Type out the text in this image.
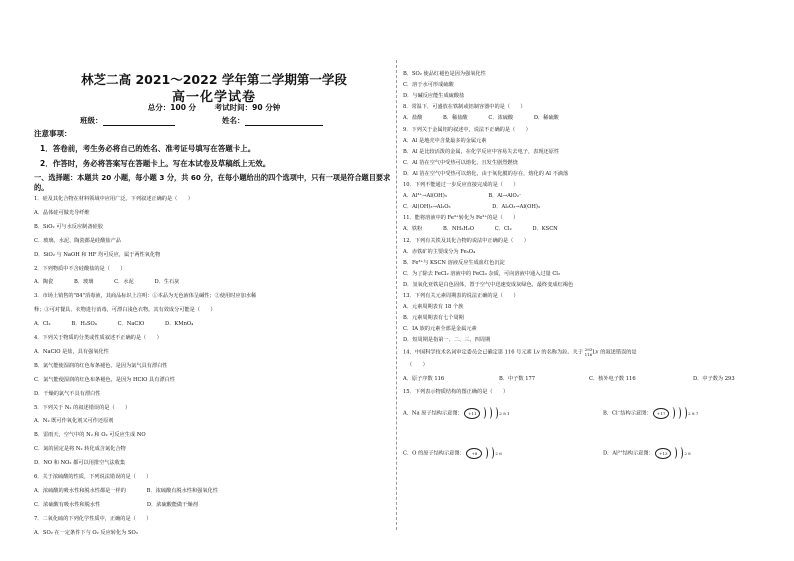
林芝二高 2021～2022 学年第二学期第一学段
高一化学试卷
总分：100 分 考试时间：90 分钟
班级：	姓名：
注意事项：
1．答卷前，考生务必将自己的姓名、准考证号填写在答题卡上。
2．作答时，务必将答案写在答题卡上。写在本试卷及草稿纸上无效。
一、选择题：本题共 20 小题，每小题 3 分，共 60 分，在每小题给出的四个选项中，只有一项是符合题目要求的。
1．硅及其化合物在材料领域中应用广泛。下列叙述正确的是（　　）
A．晶体硅可做光导纤维
B．SiO₂ 可与水反应制备硅胶
C．玻璃、水泥、陶瓷都是硅酸盐产品
D．SiO₂ 与 NaOH 和 HF 均可反应，属于两性氧化物
2．下列物质中不含硅酸盐的是（　　）
A．陶瓷　　　　B．玻璃　　　　C．水泥　　　　D．生石灰
3．市场上销售的"84"消毒液，其商品标识上注明：①本品为无色液体呈碱性；②使用时应加水稀
释；③可对餐具、衣物进行消毒，可漂白浅色衣物。其有效成分可能是（　　）
A．Cl₂　　　　B．H₂SO₄　　　　C．NaClO　　　　D．KMnO₄
4．下列关于物质的分类或性质叙述不正确的是（　　）
A．NaClO 是盐，具有强氧化性
B．氯气能使湿润的红色布条褪色，是因为氯气具有漂白性
C．氯气能使湿润的红色布条褪色，是因为 HClO 具有漂白性
D．干燥的氯气不具有漂白性
5．下列关于 N₂ 的叙述错误的是（　　）
A．N₂ 既可作氧化剂又可作还原剂
B．雷雨天，空气中的 N₂ 和 O₂ 可反应生成 NO
C．氮的固定是将 N₂ 转化成含氮化合物
D．NO 和 NO₂ 都可以用排空气法收集
6．关于浓硫酸的性质，下列说法错误的是（　　）
A．浓硫酸的吸水性和脱水性都是一样的　　　　B．浓硫酸有脱水性和强氧化性
C．浓硫酸有吸水性和脱水性　　　　　　　　　D．浓硫酸能做干燥剂
7．二氧化硫的下列化学性质中，正确的是（　　）
A．SO₂ 在一定条件下与 O₂ 反应转化为 SO₃
B．SO₂ 使品红褪色是因为强氧化性
C．溶于水可形成硫酸
D．与碱反应能生成硫酸盐
8．常温下，可盛放在铁制或铝制容器中的是（　　）
A．盐酸　　　　B．稀盐酸　　　　C．浓硫酸　　　　D．稀硫酸
9．下列关于金属铝的叙述中，说法不正确的是（　　）
A．Al 是地壳中含量最多的金属元素
B．Al 是比较活泼的金属，在化学反应中容易失去电子，表现还原性
C．Al 箔在空气中受热可以熔化，且发生剧烈燃烧
D．Al 箔在空气中受热可以熔化，由于氧化膜的存在，熔化的 Al 不滴落
10．下列不能通过一步反应直接完成的是（　　）
A．Al³⁺→Al(OH)₃　　　　　　　　B．Al→AlO₂⁻
C．Al(OH)₃→Al₂O₃　　　　　　　　D．Al₂O₃→Al(OH)₃
11．能将溶液中的 Fe³⁺转化为 Fe²⁺的是（　　）
A．铁粉　　　　B．NH₃H₂O　　　　C．Cl₂　　　　D．KSCN
12．下列有关铁及其化合物的说法中正确的是（　　）
A．赤铁矿的主要成分为 Fe₃O₄
B．Fe³⁺与 KSCN 溶液反应生成血红色沉淀
C．为了除去 FeCl₂ 溶液中的 FeCl₃ 杂质，可向溶液中通入过量 Cl₂
D．氢氧化亚铁是白色固体，置于空气中迅速变成灰绿色，最终变成红褐色
13．下列有关元素周期表的说法正确的是（　　）
A．元素周期表有 18 个族
B．元素周期表有七个周期
C．IA 族的元素全部是金属元素
D．短周期是指第一、二、三、四周期
14．中国科学技术名词审定委员会已确定第 116 号元素 Lv 的名称为鉝。关于 293
116Lv 的叙述错误的是
（　　）
A．原子序数 116	B．中子数 177	C．核外电子数 116	D．中子数为 293
15．下列表示物质结构的图正确的是（　　）
A．Na 原子结构示意图：	+11	2 8 1	B．Cl⁻结构示意图：	+17	2 8 7
C．O 的原子结构示意图：	+8	2 6	D．Al³⁺结构示意图：	+13	2 8
